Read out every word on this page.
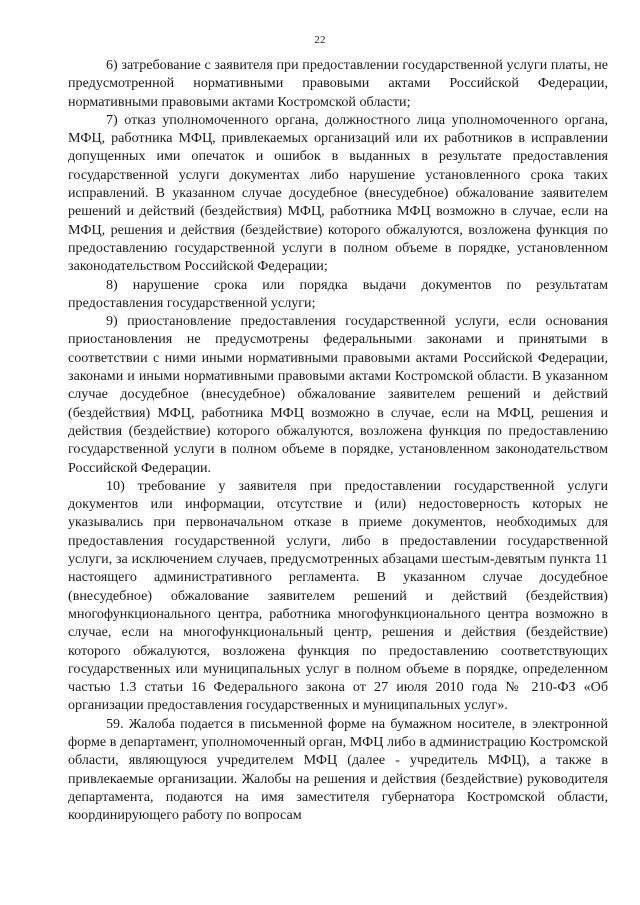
22

6) затребование с заявителя при предоставлении государственной услуги платы, не предусмотренной нормативными правовыми актами Российской Федерации, нормативными правовыми актами Костромской области;

7) отказ уполномоченного органа, должностного лица уполномоченного органа, МФЦ, работника МФЦ, привлекаемых организаций или их работников в исправлении допущенных ими опечаток и ошибок в выданных в результате предоставления государственной услуги документах либо нарушение установленного срока таких исправлений. В указанном случае досудебное (внесудебное) обжалование заявителем решений и действий (бездействия) МФЦ, работника МФЦ возможно в случае, если на МФЦ, решения и действия (бездействие) которого обжалуются, возложена функция по предоставлению государственной услуги в полном объеме в порядке, установленном законодательством Российской Федерации;

8) нарушение срока или порядка выдачи документов по результатам предоставления государственной услуги;

9) приостановление предоставления государственной услуги, если основания приостановления не предусмотрены федеральными законами и принятыми в соответствии с ними иными нормативными правовыми актами Российской Федерации, законами и иными нормативными правовыми актами Костромской области. В указанном случае досудебное (внесудебное) обжалование заявителем решений и действий (бездействия) МФЦ, работника МФЦ возможно в случае, если на МФЦ, решения и действия (бездействие) которого обжалуются, возложена функция по предоставлению государственной услуги в полном объеме в порядке, установленном законодательством Российской Федерации.

10) требование у заявителя при предоставлении государственной услуги документов или информации, отсутствие и (или) недостоверность которых не указывались при первоначальном отказе в приеме документов, необходимых для предоставления государственной услуги, либо в предоставлении государственной услуги, за исключением случаев, предусмотренных абзацами шестым-девятым пункта 11 настоящего административного регламента. В указанном случае досудебное (внесудебное) обжалование заявителем решений и действий (бездействия) многофункционального центра, работника многофункционального центра возможно в случае, если на многофункциональный центр, решения и действия (бездействие) которого обжалуются, возложена функция по предоставлению соответствующих государственных или муниципальных услуг в полном объеме в порядке, определенном частью 1.3 статьи 16 Федерального закона от 27 июля 2010 года № 210-ФЗ «Об организации предоставления государственных и муниципальных услуг».

59. Жалоба подается в письменной форме на бумажном носителе, в электронной форме в департамент, уполномоченный орган, МФЦ либо в администрацию Костромской области, являющуюся учредителем МФЦ (далее - учредитель МФЦ), а также в привлекаемые организации. Жалобы на решения и действия (бездействие) руководителя департамента, подаются на имя заместителя губернатора Костромской области, координирующего работу по вопросам
